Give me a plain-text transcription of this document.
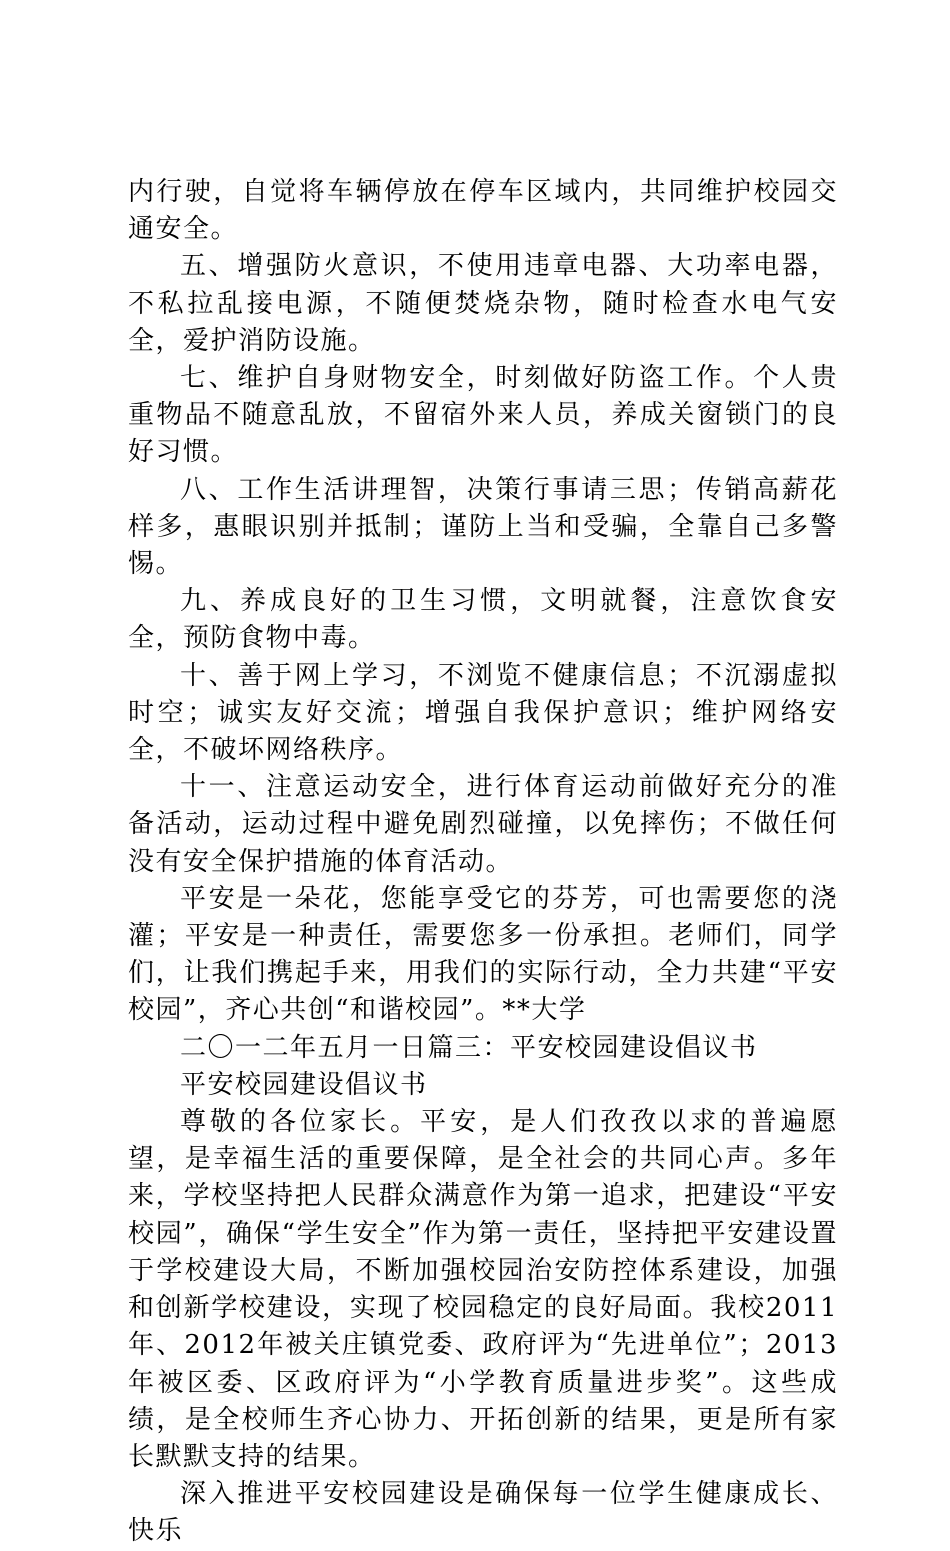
内行驶，自觉将车辆停放在停车区域内，共同维护校园交通安全。

五、增强防火意识，不使用违章电器、大功率电器，不私拉乱接电源，不随便焚烧杂物，随时检查水电气安全，爱护消防设施。

七、维护自身财物安全，时刻做好防盗工作。个人贵重物品不随意乱放，不留宿外来人员，养成关窗锁门的良好习惯。

八、工作生活讲理智，决策行事请三思；传销高薪花样多，惠眼识别并抵制；谨防上当和受骗，全靠自己多警惕。

九、养成良好的卫生习惯，文明就餐，注意饮食安全，预防食物中毒。

十、善于网上学习，不浏览不健康信息；不沉溺虚拟时空；诚实友好交流；增强自我保护意识；维护网络安全，不破坏网络秩序。

十一、注意运动安全，进行体育运动前做好充分的准备活动，运动过程中避免剧烈碰撞，以免摔伤；不做任何没有安全保护措施的体育活动。

平安是一朵花，您能享受它的芬芳，可也需要您的浇灌；平安是一种责任，需要您多一份承担。老师们，同学们，让我们携起手来，用我们的实际行动，全力共建“平安校园”，齐心共创“和谐校园”。**大学

二〇一二年五月一日篇三：平安校园建设倡议书

平安校园建设倡议书

尊敬的各位家长。平安，是人们孜孜以求的普遍愿望，是幸福生活的重要保障，是全社会的共同心声。多年来，学校坚持把人民群众满意作为第一追求，把建设“平安校园”，确保“学生安全”作为第一责任，坚持把平安建设置于学校建设大局，不断加强校园治安防控体系建设，加强和创新学校建设，实现了校园稳定的良好局面。我校2011年、2012年被关庄镇党委、政府评为“先进单位”；2013年被区委、区政府评为“小学教育质量进步奖”。这些成绩，是全校师生齐心协力、开拓创新的结果，更是所有家长默默支持的结果。

深入推进平安校园建设是确保每一位学生健康成长、快乐
